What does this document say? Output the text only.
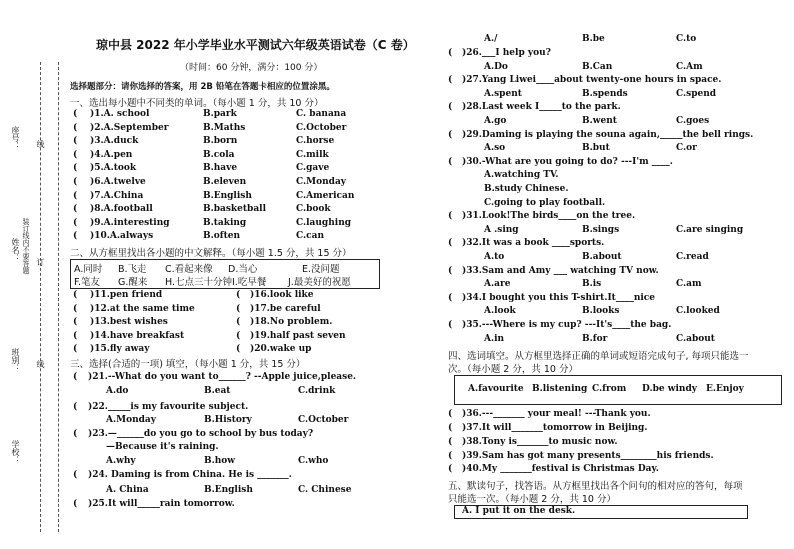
座号： 线
姓名： 装订线内不要答题 订
班别： 线
学校：
琼中县 2022 年小学毕业水平测试六年级英语试卷（C 卷）
（时间：60 分钟，满分：100 分）
选择题部分：请你选择的答案，用 2B 铅笔在答题卡相应的位置涂黑。
一、选出每小题中不同类的单词。（每小题 1 分，共 10 分）
二、从方框里找出各小题的中文解释。（每小题 1.5 分，共 15 分）
三、选择(合适的一项) 填空，（每小题 1 分，共 15 分）
( )1.A. school	B.park	C. banana
( )2.A.September	B.Maths	C.October
( )3.A.duck	B.born	C.horse
( )4.A.pen	B.cola	C.milk
( )5.A.took	B.have	C.gave
( )6.A.twelve	B.eleven	C.Monday
( )7.A.China	B.English	C.American
( )8.A.football	B.basketball	C.book
( )9.A.interesting	B.taking	C.laughing
( )10.A.always	B.often	C.can
A.同时 B.飞走 C.看起来像 D.当心	E.没问题
F.笔友 G.醒来 H.七点三十分钟 I.吃早餐 J.最美好的祝愿
( )11.pen friend	( )16.look like
( )12.at the same time	( )17.be careful
( )13.best wishes	( )18.No problem.
( )14.have breakfast	( )19.half past seven
( )15.fly away	( )20.wake up
( )21.--What do you want to______? --Apple juice,please.
A.do	B.eat	C.drink
( )22._____is my favourite subject.
A.Monday	B.History	C.October
( )23.—______do you go to school by bus today?
—Because it's raining.
A.why	B.how	C.who
( )24. Daming is from China. He is _______.
A. China	B.English	C. Chinese
( )25.It will_____rain tomorrow.
A./	B.be	C.to
( )26.___I help you?
A.Do	B.Can	C.Am
( )27.Yang Liwei____about twenty-one hours in space.
A.spent	B.spends	C.spend
( )28.Last week I_____to the park.
A.go	B.went	C.goes
( )29.Daming is playing the souna again,_____the bell rings.
A.so	B.but	C.or
( )30.-What are you going to do? ---I'm ____.
A.watching TV.
B.study Chinese.
C.going to play football.
( )31.Look!The birds____on the tree.
A .sing	B.sings	C.are singing
( )32.It was a book ____sports.
A.to	B.about	C.read
( )33.Sam and Amy ___ watching TV now.
A.are	B.is	C.am
( )34.I bought you this T-shirt.It____nice
A.look	B.looks	C.looked
( )35.---Where is my cup? ---It's____the bag.
A.in	B.for	C.about
四、选词填空。从方框里选择正确的单词或短语完成句子, 每项只能选一
次。（每小题 2 分，共 10 分）
A.favourite B.listening C.from D.be windy E.Enjoy
( )36.---_______ your meal! ---Thank you.
( )37.It will_______tomorrow in Beijing.
( )38.Tony is_______to music now.
( )39.Sam has got many presents________his friends.
( )40.My _______festival is Christmas Day.
五、默读句子，找答语。从方框里找出各个问句的相对应的答句，每项
只能选一次。（每小题 2 分，共 10 分）
A. I put it on the desk.
